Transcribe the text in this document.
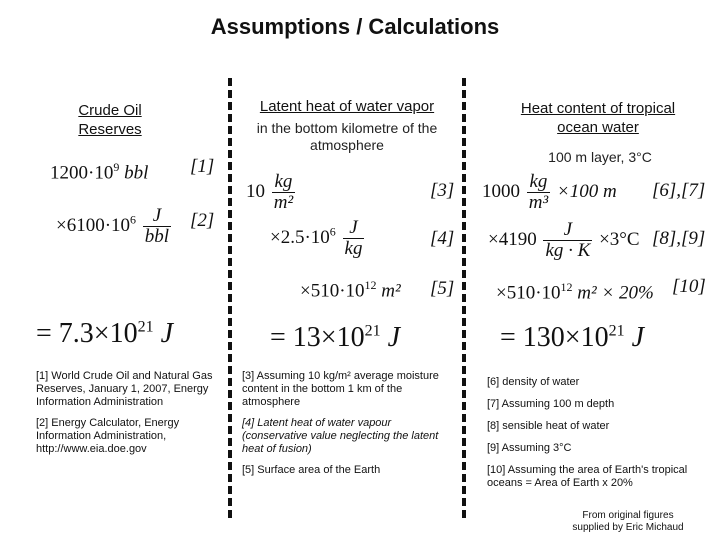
Assumptions / Calculations
Crude Oil
Reserves
$1200\cdot 10^9$ bbl [1]
$\times 6100\cdot 10^6 \frac{J}{\text{bbl}} [2]$
= $7.3\times 10^{21}$ J
[1] World Crude Oil and Natural Gas Reserves, January 1, 2007, Energy Information Administration
[2] Energy Calculator, Energy Information Administration, http://www.eia.doe.gov
Latent heat of water vapor
in the bottom kilometre of the atmosphere
$10 \frac{kg}{\text{m²}}$	[3]
$\times 2.5\cdot 10^6 \frac{J}{kg}$	[4]
$\times 510\cdot 10^{12}$ m² [5]
= $13\times 10^{21}$ J
[3] Assuming 10 kg/m² average moisture content in the bottom 1 km of the atmosphere
[4] Latent heat of water vapour (conservative value neglecting the latent heat of fusion)
[5] Surface area of the Earth
Heat content of tropical
ocean water
100 m layer, 3°C
$1000 \frac{kg}{\text{m³}} \times 100$ m [6],[7]
$\times 4190 \frac{J}{kg \cdot K} \times 3^\circ C$ [8],[9]
$\times 510\cdot 10^{12}$ m² × 20% [10]
= $130\times 10^{21}$ J
[6] density of water
[7] Assuming 100 m depth
[8] sensible heat of water
[9] Assuming 3°C
[10] Assuming the area of Earth's tropical oceans = Area of Earth x 20%
From original figures
supplied by Eric Michaud
